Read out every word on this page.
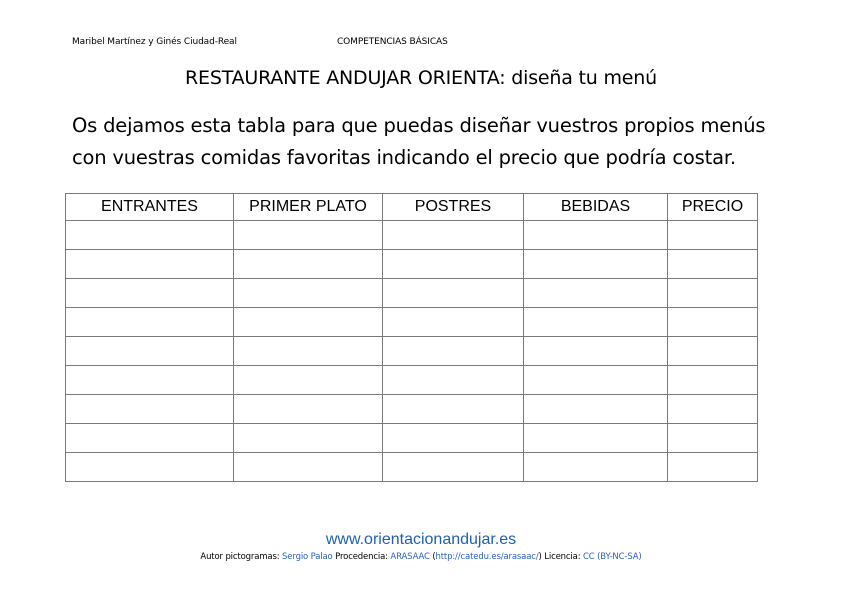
Maribel Martínez y Ginés Ciudad-Real	COMPETENCIAS BÁSICAS
RESTAURANTE ANDUJAR ORIENTA: diseña tu menú
Os dejamos esta tabla para que puedas diseñar vuestros propios menús
con vuestras comidas favoritas indicando el precio que podría costar.
ENTRANTES	PRIMER PLATO	POSTRES	BEBIDAS	PRECIO

www.orientacionandujar.es
Autor pictogramas: Sergio Palao Procedencia: ARASAAC (http://catedu.es/arasaac/) Licencia: CC (BY-NC-SA)
